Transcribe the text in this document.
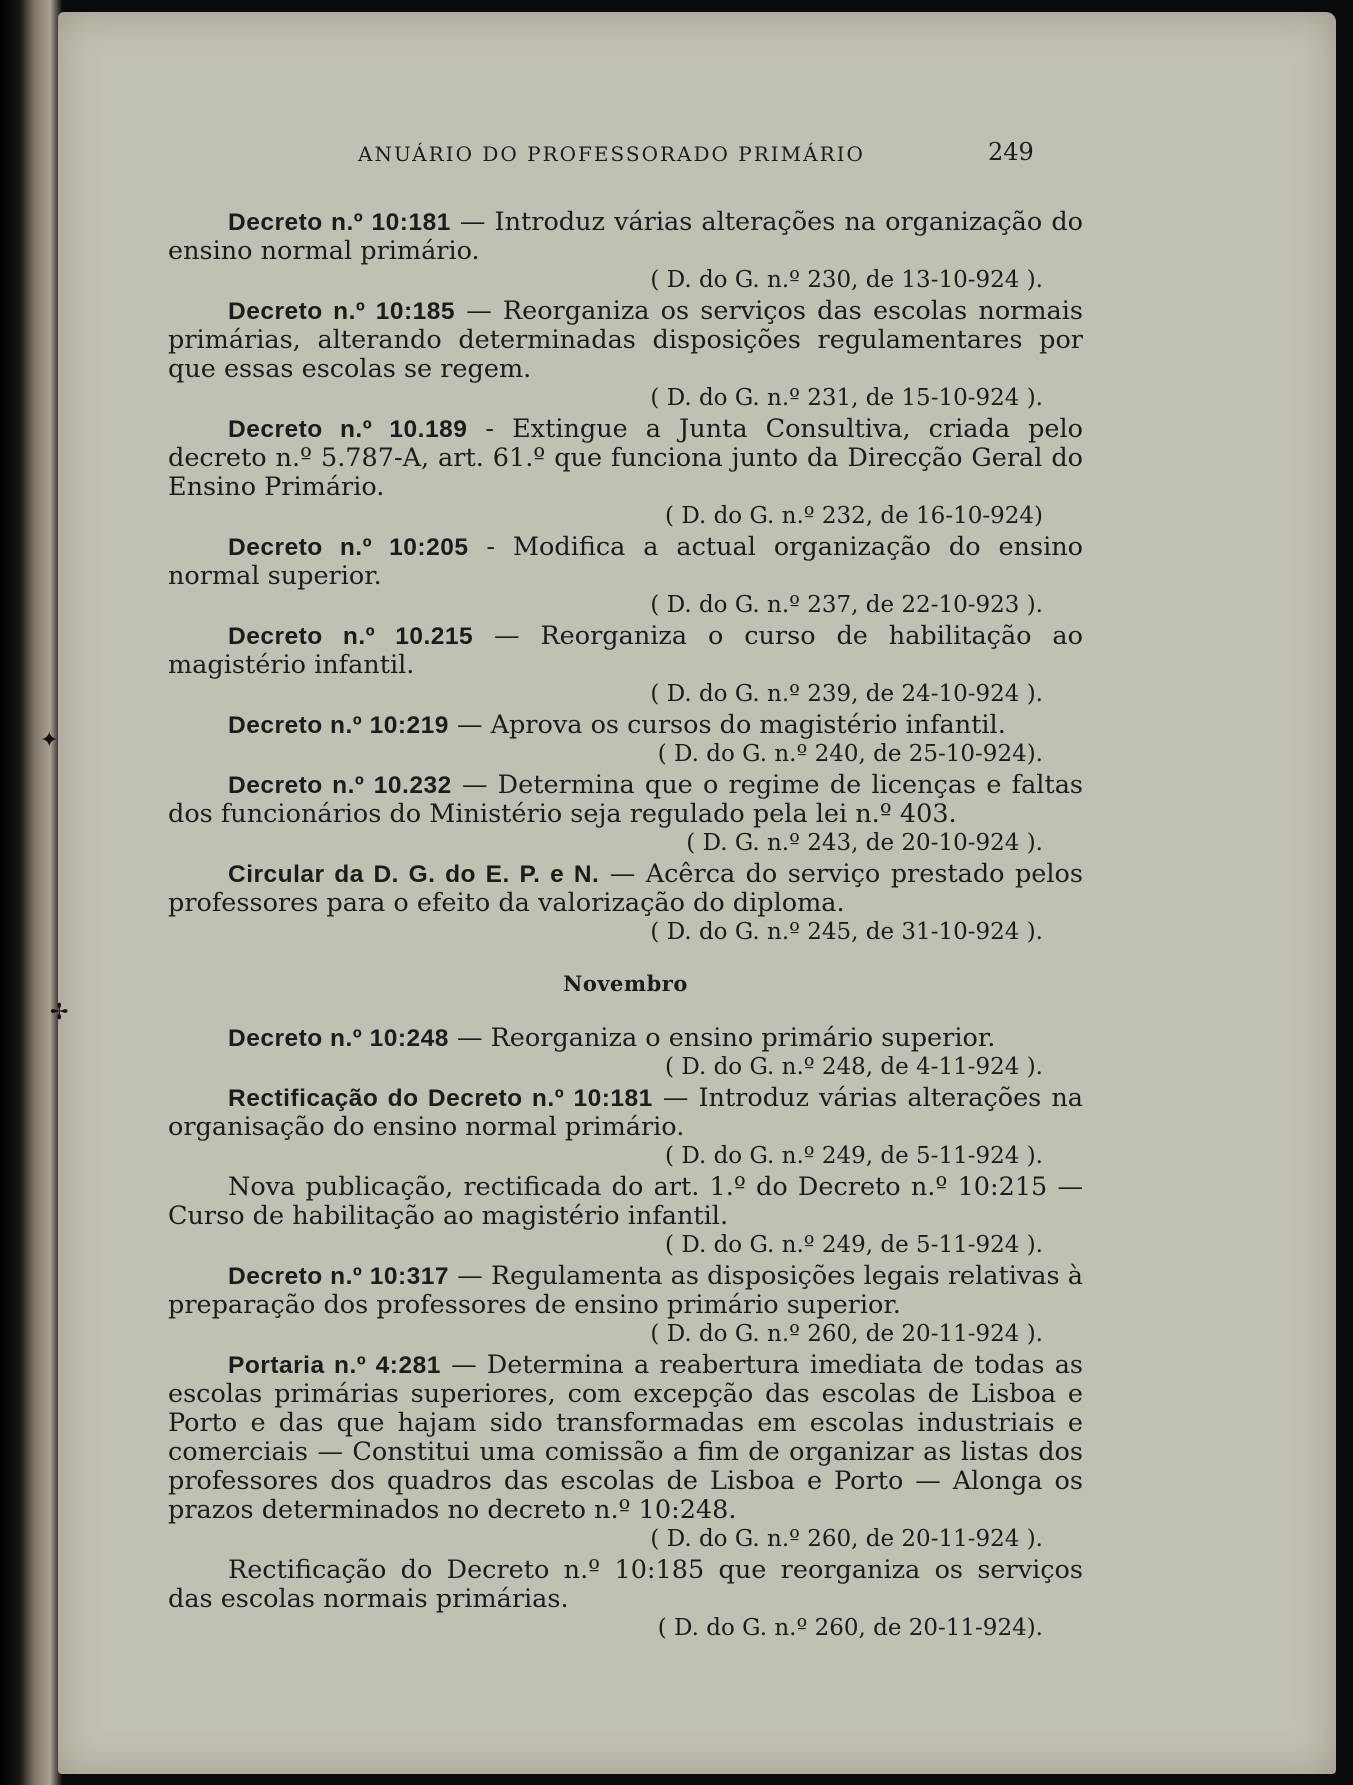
ANUÁRIO DO PROFESSORADO PRIMÁRIO	249

Decreto n.º 10:181 — Introduz várias alterações na organização do ensino normal primário.

( D. do G. n.º 230, de 13-10-924 ).

Decreto n.º 10:185 — Reorganiza os serviços das escolas normais primárias, alterando determinadas disposições regulamentares por que essas escolas se regem.

( D. do G. n.º 231, de 15-10-924 ).

Decreto n.º 10.189 - Extingue a Junta Consultiva, criada pelo decreto n.º 5.787-A, art. 61.º que funciona junto da Direcção Geral do Ensino Primário.

( D. do G. n.º 232, de 16-10-924)

Decreto n.º 10:205 - Modifica a actual organização do ensino normal superior.

( D. do G. n.º 237, de 22-10-923 ).

Decreto n.º 10.215 — Reorganiza o curso de habilitação ao magistério infantil.

( D. do G. n.º 239, de 24-10-924 ).

Decreto n.º 10:219 — Aprova os cursos do magistério infantil.

( D. do G. n.º 240, de 25-10-924).

Decreto n.º 10.232 — Determina que o regime de licenças e faltas dos funcionários do Ministério seja regulado pela lei n.º 403.

( D. G. n.º 243, de 20-10-924 ).

Circular da D. G. do E. P. e N. — Acêrca do serviço prestado pelos professores para o efeito da valorização do diploma.

( D. do G. n.º 245, de 31-10-924 ).

Novembro

Decreto n.º 10:248 — Reorganiza o ensino primário superior.

( D. do G. n.º 248, de 4-11-924 ).

Rectificação do Decreto n.º 10:181 — Introduz várias alterações na organisação do ensino normal primário.

( D. do G. n.º 249, de 5-11-924 ).

Nova publicação, rectificada do art. 1.º do Decreto n.º 10:215 — Curso de habilitação ao magistério infantil.

( D. do G. n.º 249, de 5-11-924 ).

Decreto n.º 10:317 — Regulamenta as disposições legais relativas à preparação dos professores de ensino primário superior.

( D. do G. n.º 260, de 20-11-924 ).

Portaria n.º 4:281 — Determina a reabertura imediata de todas as escolas primárias superiores, com excepção das escolas de Lisboa e Porto e das que hajam sido transformadas em escolas industriais e comerciais — Constitui uma comissão a fim de organizar as listas dos professores dos quadros das escolas de Lisboa e Porto — Alonga os prazos determinados no decreto n.º 10:248.

( D. do G. n.º 260, de 20-11-924 ).

Rectificação do Decreto n.º 10:185 que reorganiza os serviços das escolas normais primárias.

( D. do G. n.º 260, de 20-11-924).

✦
✢
